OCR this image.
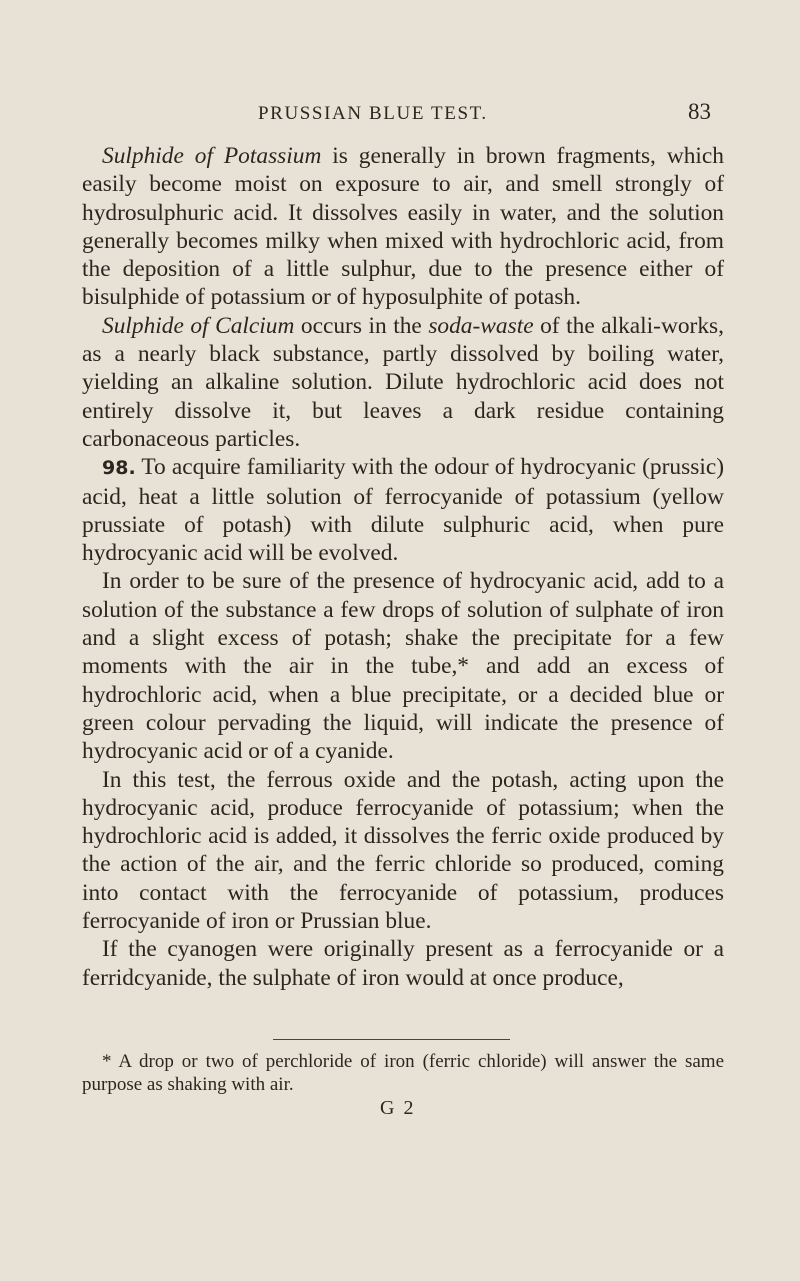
PRUSSIAN BLUE TEST.	83

Sulphide of Potassium is generally in brown fragments, which easily become moist on exposure to air, and smell strongly of hydrosulphuric acid. It dissolves easily in water, and the solution generally becomes milky when mixed with hydrochloric acid, from the deposition of a little sulphur, due to the presence either of bisulphide of potassium or of hyposulphite of potash.

Sulphide of Calcium occurs in the soda-waste of the alkali-works, as a nearly black substance, partly dissolved by boiling water, yielding an alkaline solution. Dilute hydrochloric acid does not entirely dissolve it, but leaves a dark residue containing carbonaceous particles.

98. To acquire familiarity with the odour of hydrocyanic (prussic) acid, heat a little solution of ferrocyanide of potassium (yellow prussiate of potash) with dilute sulphuric acid, when pure hydrocyanic acid will be evolved.

In order to be sure of the presence of hydrocyanic acid, add to a solution of the substance a few drops of solution of sulphate of iron and a slight excess of potash; shake the precipitate for a few moments with the air in the tube,* and add an excess of hydrochloric acid, when a blue precipitate, or a decided blue or green colour pervading the liquid, will indicate the presence of hydrocyanic acid or of a cyanide.

In this test, the ferrous oxide and the potash, acting upon the hydrocyanic acid, produce ferrocyanide of potassium; when the hydrochloric acid is added, it dissolves the ferric oxide produced by the action of the air, and the ferric chloride so produced, coming into contact with the ferrocyanide of potassium, produces ferrocyanide of iron or Prussian blue.

If the cyanogen were originally present as a ferrocyanide or a ferridcyanide, the sulphate of iron would at once produce,

* A drop or two of perchloride of iron (ferric chloride) will answer the same purpose as shaking with air.

G 2
